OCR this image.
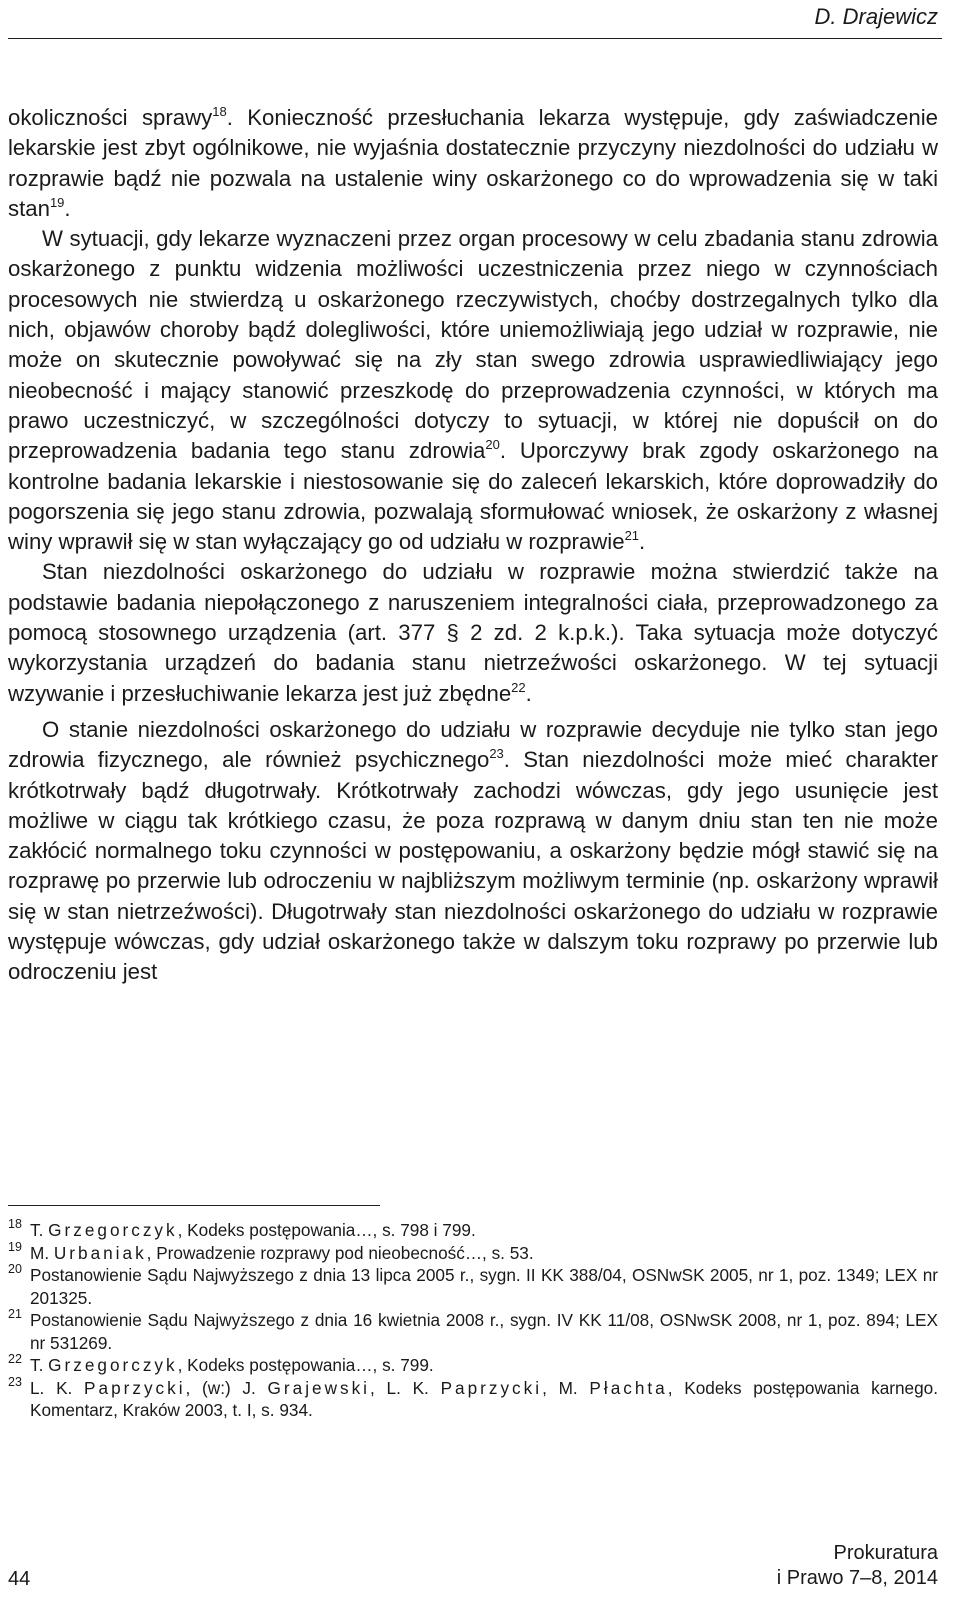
D. Drajewicz

okoliczności sprawy$^{18}$. Konieczność przesłuchania lekarza występuje, gdy zaświadczenie lekarskie jest zbyt ogólnikowe, nie wyjaśnia dostatecznie przyczyny niezdolności do udziału w rozprawie bądź nie pozwala na ustalenie winy oskarżonego co do wprowadzenia się w taki stan$^{19}$.

W sytuacji, gdy lekarze wyznaczeni przez organ procesowy w celu zbadania stanu zdrowia oskarżonego z punktu widzenia możliwości uczestniczenia przez niego w czynnościach procesowych nie stwierdzą u oskarżonego rzeczywistych, choćby dostrzegalnych tylko dla nich, objawów choroby bądź dolegliwości, które uniemożliwiają jego udział w rozprawie, nie może on skutecznie powoływać się na zły stan swego zdrowia usprawiedliwiający jego nieobecność i mający stanowić przeszkodę do przeprowadzenia czynności, w których ma prawo uczestniczyć, w szczególności dotyczy to sytuacji, w której nie dopuścił on do przeprowadzenia badania tego stanu zdrowia$^{20}$. Uporczywy brak zgody oskarżonego na kontrolne badania lekarskie i niestosowanie się do zaleceń lekarskich, które doprowadziły do pogorszenia się jego stanu zdrowia, pozwalają sformułować wniosek, że oskarżony z własnej winy wprawił się w stan wyłączający go od udziału w rozprawie$^{21}$.

Stan niezdolności oskarżonego do udziału w rozprawie można stwierdzić także na podstawie badania niepołączonego z naruszeniem integralności ciała, przeprowadzonego za pomocą stosownego urządzenia (art. 377 § 2 zd. 2 k.p.k.). Taka sytuacja może dotyczyć wykorzystania urządzeń do badania stanu nietrzeźwości oskarżonego. W tej sytuacji wzywanie i przesłuchiwanie lekarza jest już zbędne$^{22}$.

O stanie niezdolności oskarżonego do udziału w rozprawie decyduje nie tylko stan jego zdrowia fizycznego, ale również psychicznego$^{23}$. Stan niezdolności może mieć charakter krótkotrwały bądź długotrwały. Krótkotrwały zachodzi wówczas, gdy jego usunięcie jest możliwe w ciągu tak krótkiego czasu, że poza rozprawą w danym dniu stan ten nie może zakłócić normalnego toku czynności w postępowaniu, a oskarżony będzie mógł stawić się na rozprawę po przerwie lub odroczeniu w najbliższym możliwym terminie (np. oskarżony wprawił się w stan nietrzeźwości). Długotrwały stan niezdolności oskarżonego do udziału w rozprawie występuje wówczas, gdy udział oskarżonego także w dalszym toku rozprawy po przerwie lub odroczeniu jest

18 T. Grzegorczyk, Kodeks postępowania…, s. 798 i 799.

19 M. Urbaniak, Prowadzenie rozprawy pod nieobecność…, s. 53.

20 Postanowienie Sądu Najwyższego z dnia 13 lipca 2005 r., sygn. II KK 388/04, OSNwSK 2005, nr 1, poz. 1349; LEX nr 201325.

21 Postanowienie Sądu Najwyższego z dnia 16 kwietnia 2008 r., sygn. IV KK 11/08, OSNwSK 2008, nr 1, poz. 894; LEX nr 531269.

22 T. Grzegorczyk, Kodeks postępowania…, s. 799.

23 L. K. Paprzycki, (w:) J. Grajewski, L. K. Paprzycki, M. Płachta, Kodeks postępowania karnego. Komentarz, Kraków 2003, t. I, s. 934.

44
Prokuratura
i Prawo 7–8, 2014
